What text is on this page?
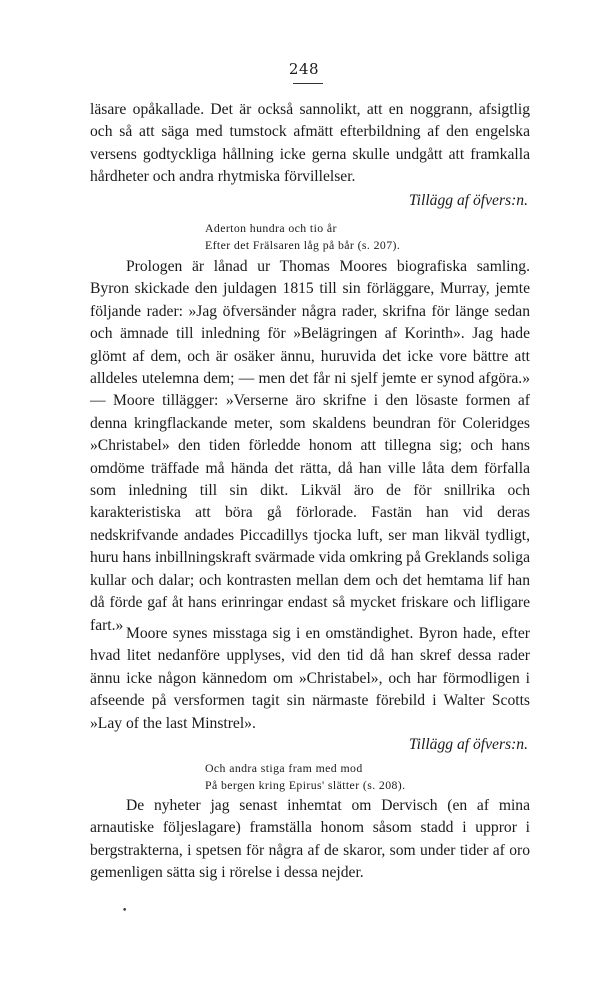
248

läsare opåkallade. Det är också sannolikt, att en noggrann, afsigtlig och så att säga med tumstock afmätt efterbildning af den engelska versens godtyckliga hållning icke gerna skulle undgått att framkalla hårdheter och andra rhytmiska förvillelser.

Tillägg af öfvers:n.
Aderton hundra och tio år
Efter det Frälsaren låg på bår (s. 207).

Prologen är lånad ur Thomas Moores biografiska samling. Byron skickade den juldagen 1815 till sin förläggare, Murray, jemte följande rader: »Jag öfversänder några rader, skrifna för länge sedan och ämnade till inledning för »Belägringen af Korinth». Jag hade glömt af dem, och är osäker ännu, huruvida det icke vore bättre att alldeles utelemna dem; — men det får ni sjelf jemte er synod afgöra.» — Moore tillägger: »Verserne äro skrifne i den lösaste formen af denna kringflackande meter, som skaldens beundran för Coleridges »Christabel» den tiden förledde honom att tillegna sig; och hans omdöme träffade må hända det rätta, då han ville låta dem förfalla som inledning till sin dikt. Likväl äro de för snillrika och karakteristiska att böra gå förlorade. Fastän han vid deras nedskrifvande andades Piccadillys tjocka luft, ser man likväl tydligt, huru hans inbillningskraft svärmade vida omkring på Greklands soliga kullar och dalar; och kontrasten mellan dem och det hemtama lif han då förde gaf åt hans erinringar endast så mycket friskare och lifligare fart.» Moore synes misstaga sig i en omständighet. Byron hade, efter hvad litet nedanföre upplyses, vid den tid då han skref dessa rader ännu icke någon kännedom om »Christabel», och har förmodligen i afseende på versformen tagit sin närmaste förebild i Walter Scotts »Lay of the last Minstrel».

Tillägg af öfvers:n.
Och andra stiga fram med mod
På bergen kring Epirus' slätter (s. 208).

De nyheter jag senast inhemtat om Dervisch (en af mina arnautiske följeslagare) framställa honom såsom stadd i uppror i bergstrakterna, i spetsen för några af de skaror, som under tider af oro gemenligen sätta sig i rörelse i dessa nejder.

•
